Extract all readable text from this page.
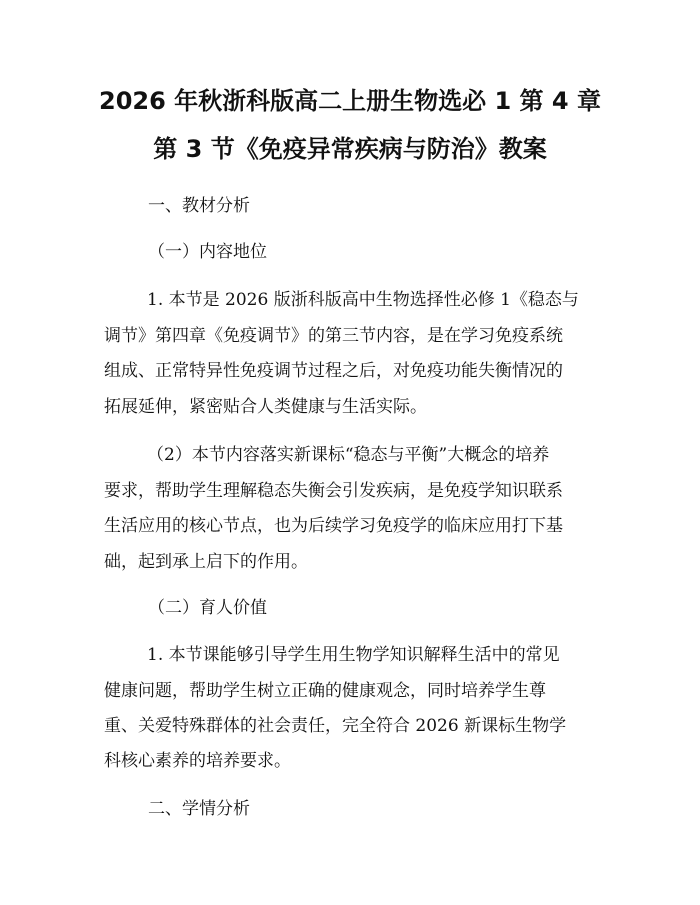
2026 年秋浙科版高二上册生物选必 1 第 4 章
第 3 节《免疫异常疾病与防治》教案
一、教材分析
（一）内容地位
1. 本节是 2026 版浙科版高中生物选择性必修 1《稳态与
调节》第四章《免疫调节》的第三节内容，是在学习免疫系统
组成、正常特异性免疫调节过程之后，对免疫功能失衡情况的
拓展延伸，紧密贴合人类健康与生活实际。
（2）本节内容落实新课标“稳态与平衡”大概念的培养
要求，帮助学生理解稳态失衡会引发疾病，是免疫学知识联系
生活应用的核心节点，也为后续学习免疫学的临床应用打下基
础，起到承上启下的作用。
（二）育人价值
1. 本节课能够引导学生用生物学知识解释生活中的常见
健康问题，帮助学生树立正确的健康观念，同时培养学生尊
重、关爱特殊群体的社会责任，完全符合 2026 新课标生物学
科核心素养的培养要求。
二、学情分析
